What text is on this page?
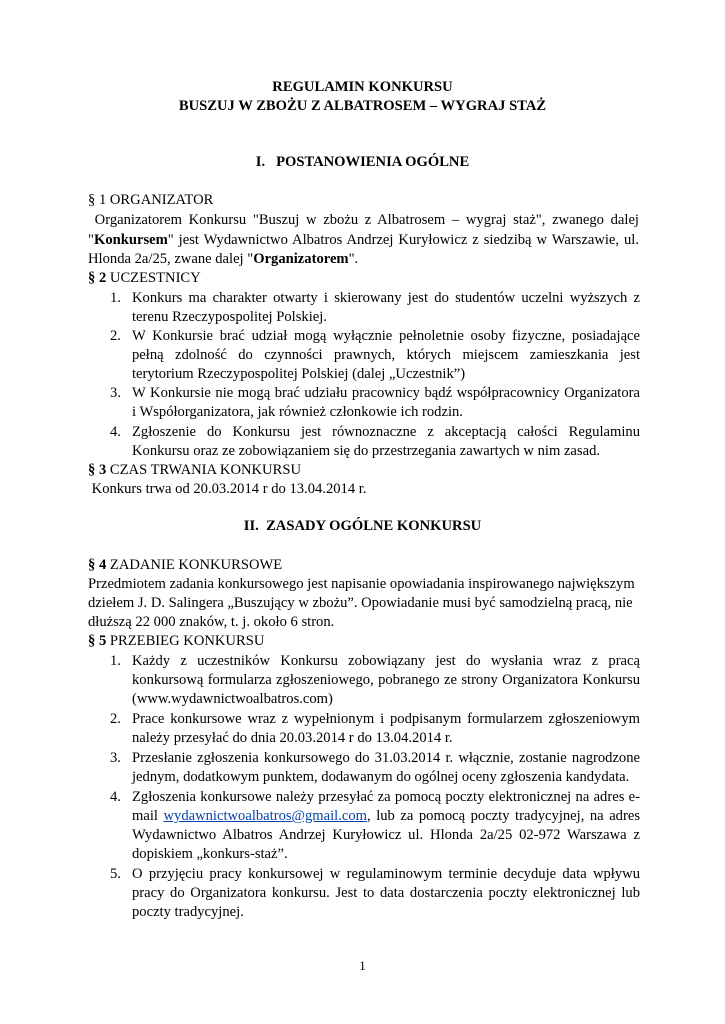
REGULAMIN KONKURSU
BUSZUJ W ZBOŻU Z ALBATROSEM – WYGRAJ STAŻ
I.   POSTANOWIENIA OGÓLNE
§ 1 ORGANIZATOR
Organizatorem Konkursu "Buszuj w zbożu z Albatrosem – wygraj staż", zwanego dalej
"Konkursem" jest Wydawnictwo Albatros Andrzej Kuryłowicz z siedzibą w Warszawie, ul.
Hlonda 2a/25, zwane dalej "Organizatorem".
§ 2 UCZESTNICY
1. Konkurs ma charakter otwarty i skierowany jest do studentów uczelni wyższych z
terenu Rzeczypospolitej Polskiej.
2. W Konkursie brać udział mogą wyłącznie pełnoletnie osoby fizyczne, posiadające
pełną zdolność do czynności prawnych, których miejscem zamieszkania jest
terytorium Rzeczypospolitej Polskiej (dalej „Uczestnik”)
3. W Konkursie nie mogą brać udziału pracownicy bądź współpracownicy Organizatora
i Współorganizatora, jak również członkowie ich rodzin.
4. Zgłoszenie do Konkursu jest równoznaczne z akceptacją całości Regulaminu
Konkursu oraz ze zobowiązaniem się do przestrzegania zawartych w nim zasad.
§ 3 CZAS TRWANIA KONKURSU
Konkurs trwa od 20.03.2014 r do 13.04.2014 r.
II.  ZASADY OGÓLNE KONKURSU
§ 4 ZADANIE KONKURSOWE
Przedmiotem zadania konkursowego jest napisanie opowiadania inspirowanego największym
dziełem J. D. Salingera „Buszujący w zbożu”. Opowiadanie musi być samodzielną pracą, nie
dłuższą 22 000 znaków, t. j. około 6 stron.
§ 5 PRZEBIEG KONKURSU
1. Każdy z uczestników Konkursu zobowiązany jest do wysłania wraz z pracą
konkursową formularza zgłoszeniowego, pobranego ze strony Organizatora Konkursu
(www.wydawnictwoalbatros.com)
2. Prace konkursowe wraz z wypełnionym i podpisanym formularzem zgłoszeniowym
należy przesyłać do dnia 20.03.2014 r do 13.04.2014 r.
3. Przesłanie zgłoszenia konkursowego do 31.03.2014 r. włącznie, zostanie nagrodzone
jednym, dodatkowym punktem, dodawanym do ogólnej oceny zgłoszenia kandydata.
4. Zgłoszenia konkursowe należy przesyłać za pomocą poczty elektronicznej na adres e-
mail wydawnictwoalbatros@gmail.com, lub za pomocą poczty tradycyjnej, na adres
Wydawnictwo Albatros Andrzej Kuryłowicz ul. Hlonda 2a/25 02-972 Warszawa z
dopiskiem „konkurs-staż”.
5. O przyjęciu pracy konkursowej w regulaminowym terminie decyduje data wpływu
pracy do Organizatora konkursu. Jest to data dostarczenia poczty elektronicznej lub
poczty tradycyjnej.
1
